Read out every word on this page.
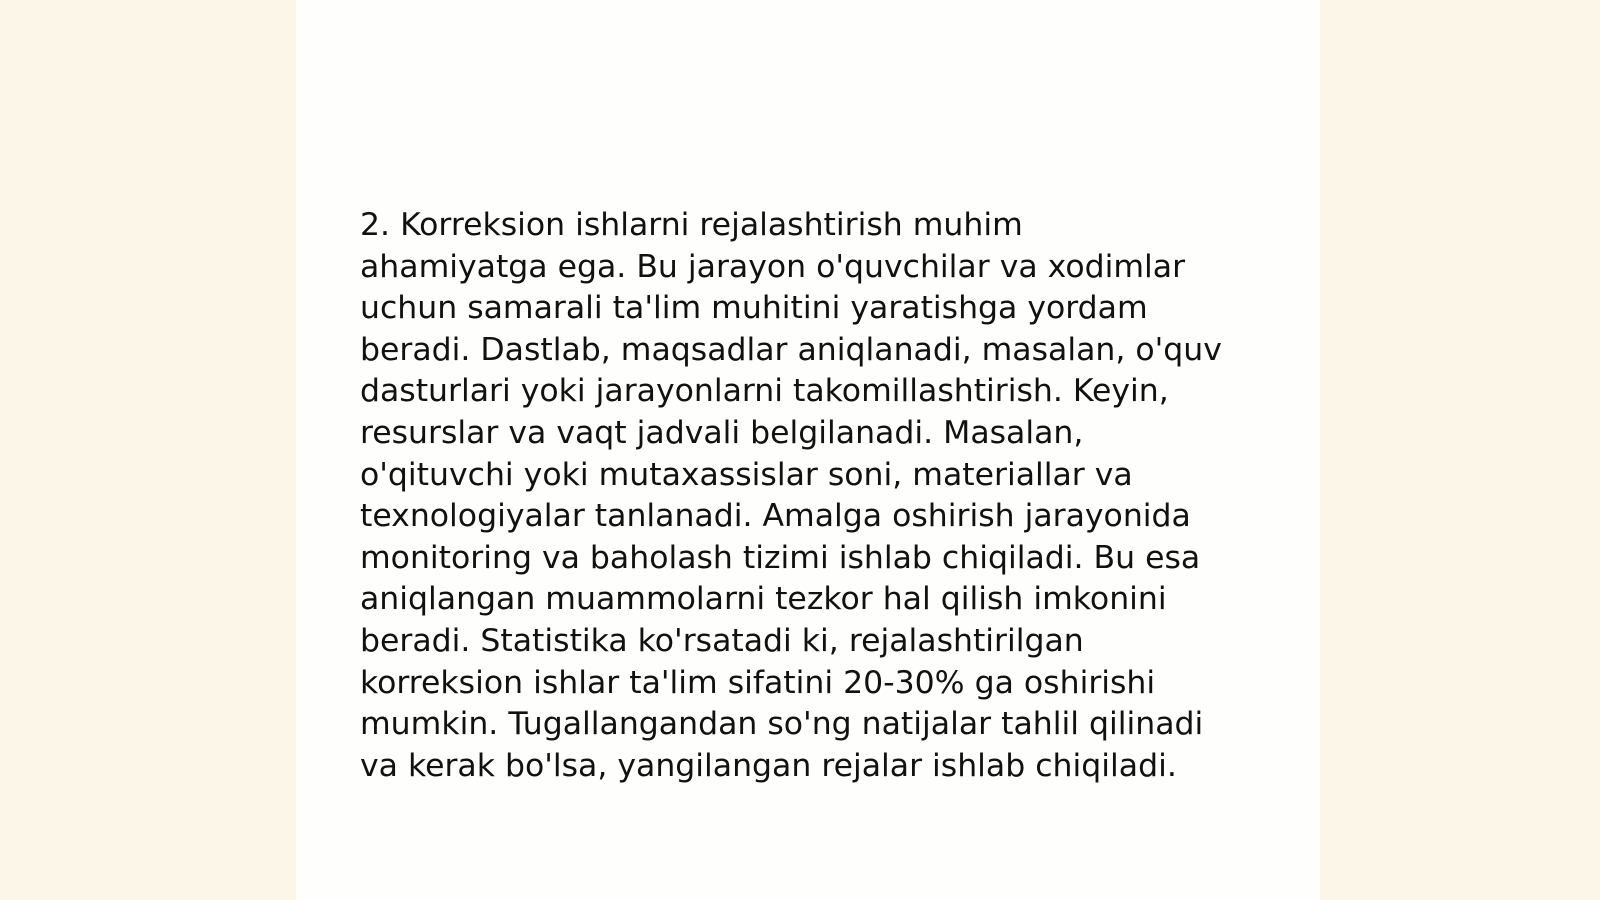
2. Korreksion ishlarni rejalashtirish muhim
ahamiyatga ega. Bu jarayon o'quvchilar va xodimlar
uchun samarali ta'lim muhitini yaratishga yordam
beradi. Dastlab, maqsadlar aniqlanadi, masalan, o'quv
dasturlari yoki jarayonlarni takomillashtirish. Keyin,
resurslar va vaqt jadvali belgilanadi. Masalan,
o'qituvchi yoki mutaxassislar soni, materiallar va
texnologiyalar tanlanadi. Amalga oshirish jarayonida
monitoring va baholash tizimi ishlab chiqiladi. Bu esa
aniqlangan muammolarni tezkor hal qilish imkonini
beradi. Statistika ko'rsatadi ki, rejalashtirilgan
korreksion ishlar ta'lim sifatini 20-30% ga oshirishi
mumkin. Tugallangandan so'ng natijalar tahlil qilinadi
va kerak bo'lsa, yangilangan rejalar ishlab chiqiladi.
